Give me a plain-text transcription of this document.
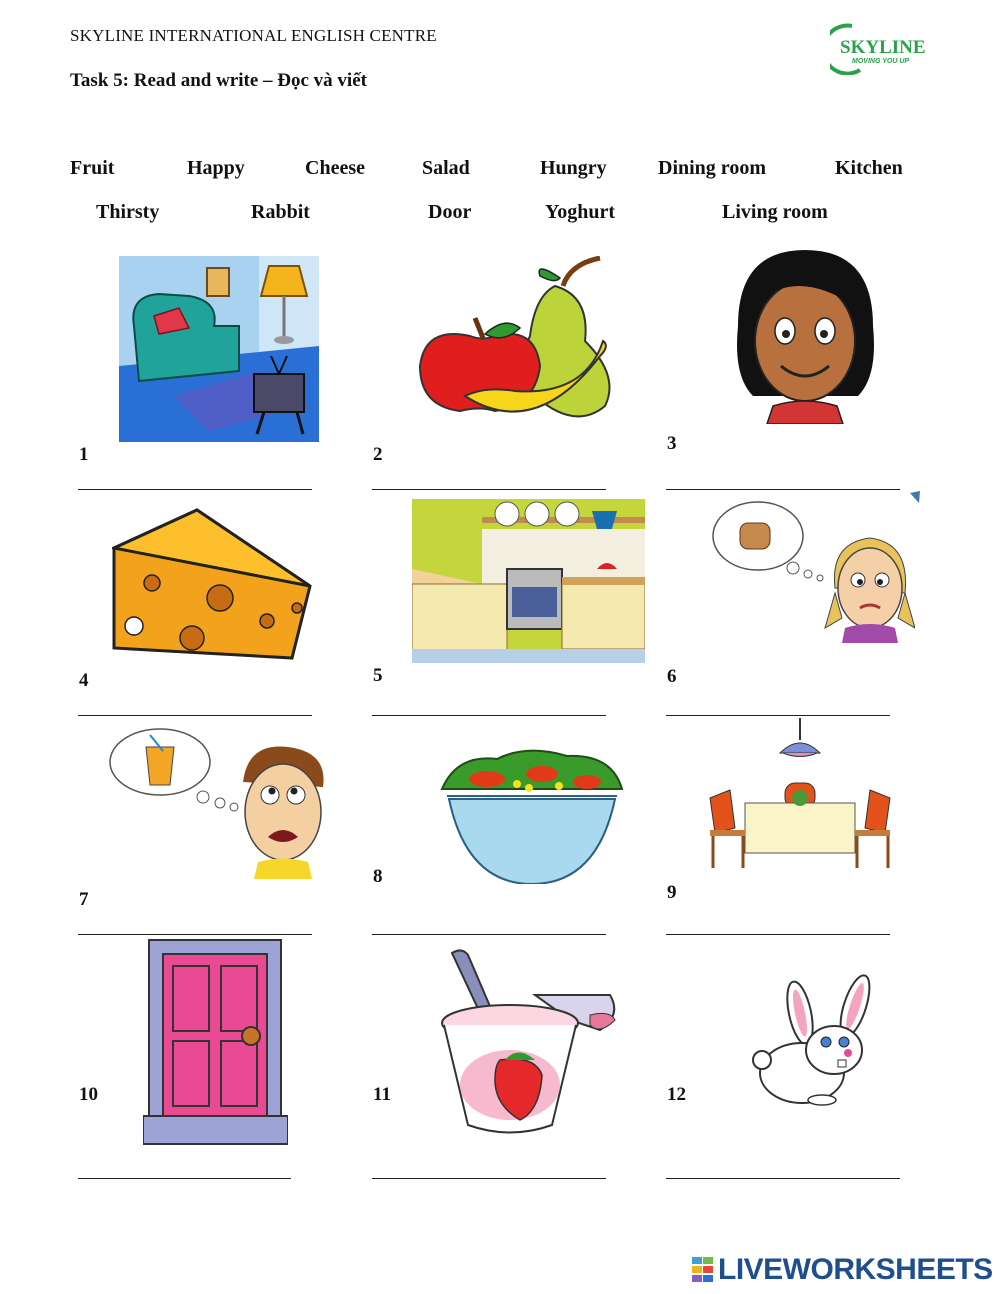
SKYLINE INTERNATIONAL ENGLISH CENTRE
Task 5: Read and write – Đọc và viết
SKYLINE
MOVING YOU UP
Fruit	Happy	Cheese	Salad	Hungry	Dining room	Kitchen
Thirsty	Rabbit	Door	Yoghurt	Living room
1	2
3
4	5	6
7
8
9
10	11	12
LIVEWORKSHEETS
